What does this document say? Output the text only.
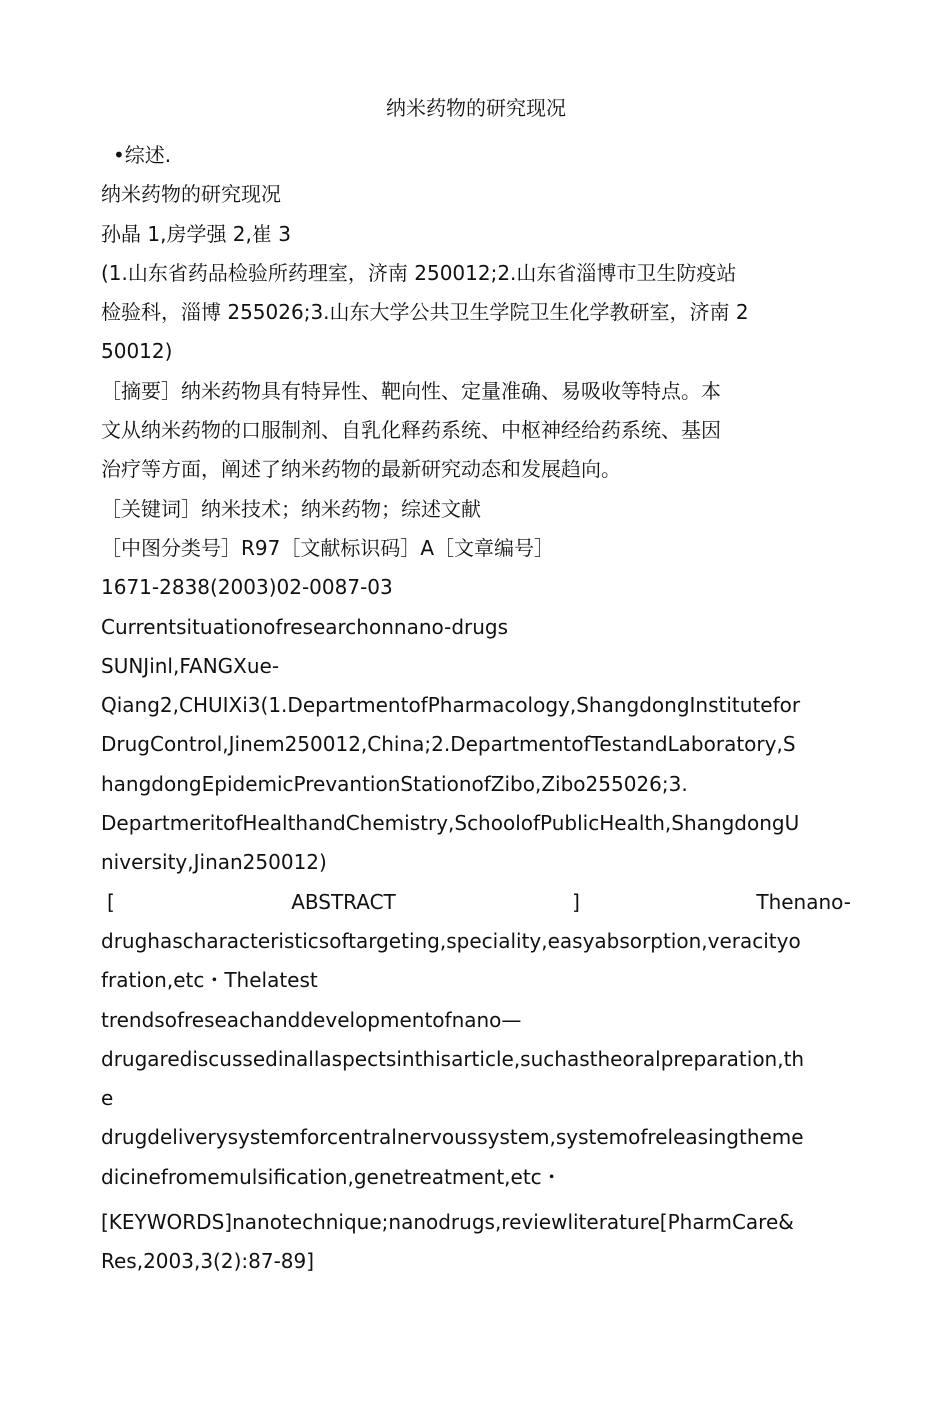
纳米药物的研究现况

•综述.

纳米药物的研究现况

孙晶 1,房学强 2,崔 3

(1.山东省药品检验所药理室，济南 250012;2.山东省淄博市卫生防疫站

检验科，淄博 255026;3.山东大学公共卫生学院卫生化学教研室，济南 2

50012)

［摘要］纳米药物具有特异性、靶向性、定量准确、易吸收等特点。本

文从纳米药物的口服制剂、自乳化释药系统、中枢神经给药系统、基因

治疗等方面，阐述了纳米药物的最新研究动态和发展趋向。

［关键词］纳米技术；纳米药物；综述文献

［中图分类号］R97［文献标识码］A［文章编号］

1671-2838(2003)02-0087-03

Currentsituationofresearchonnano-drugs

SUNJinl,FANGXue-

Qiang2,CHUIXi3(1.DepartmentofPharmacology,ShangdongInstitutefor

DrugControl,Jinem250012,China;2.DepartmentofTestandLaboratory,S

hangdongEpidemicPrevantionStationofZibo,Zibo255026;3.

DepartmeritofHealthandChemistry,SchoolofPublicHealth,ShangdongU

niversity,Jinan250012)

[	ABSTRACT	]	Thenano-

drughascharacteristicsoftargeting,speciality,easyabsorption,veracityo

fration,etc・Thelatest

trendsofreseachanddevelopmentofnano—

drugarediscussedinallaspectsinthisarticle,suchastheoralpreparation,th

e

drugdeliverysystemforcentralnervoussystem,systemofreleasingtheme

dicinefromemulsification,genetreatment,etc・

[KEYWORDS]nanotechnique;nanodrugs,reviewliterature[PharmCare&

Res,2003,3(2):87-89]
